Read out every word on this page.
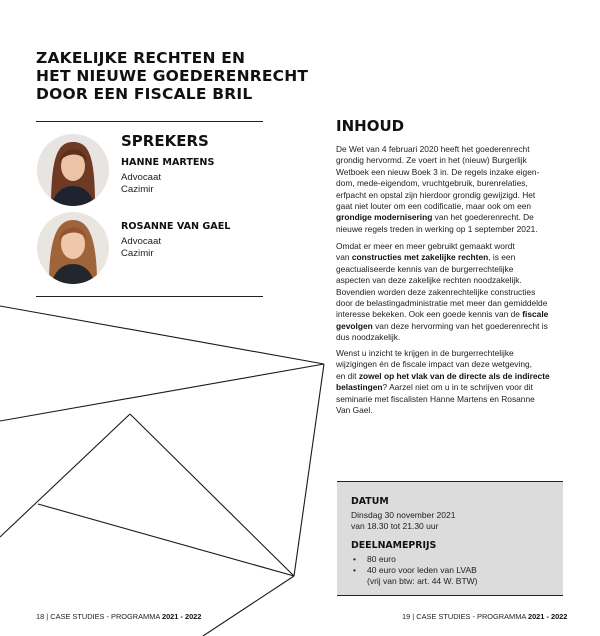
ZAKELIJKE RECHTEN EN
HET NIEUWE GOEDERENRECHT
DOOR EEN FISCALE BRIL
SPREKERS
HANNE MARTENS
Advocaat
Cazimir
ROSANNE VAN GAEL
Advocaat
Cazimir
INHOUD
De Wet van 4 februari 2020 heeft het goederenrecht
grondig hervormd. Ze voert in het (nieuw) Burgerlijk
Wetboek een nieuw Boek 3 in. De regels inzake eigen-
dom, mede-eigendom, vruchtgebruik, burenrelaties,
erfpacht en opstal zijn hierdoor grondig gewijzigd. Het
gaat niet louter om een codificatie, maar ook om een
grondige modernisering van het goederenrecht. De
nieuwe regels treden in werking op 1 september 2021.
Omdat er meer en meer gebruikt gemaakt wordt
van constructies met zakelijke rechten, is een
geactualiseerde kennis van de burgerrechtelijke
aspecten van deze zakelijke rechten noodzakelijk.
Bovendien worden deze zakenrechtelijke constructies
door de belastingadministratie met meer dan gemiddelde
interesse bekeken. Ook een goede kennis van de fiscale
gevolgen van deze hervorming van het goederenrecht is
dus noodzakelijk.
Wenst u inzicht te krijgen in de burgerrechtelijke
wijzigingen én de fiscale impact van deze wetgeving,
en dit zowel op het vlak van de directe als de indirecte
belastingen? Aarzel niet om u in te schrijven voor dit
seminarie met fiscalisten Hanne Martens en Rosanne
Van Gael.
DATUM
Dinsdag 30 november 2021
van 18.30 tot 21.30 uur
DEELNAMEPRIJS
• 80 euro
• 40 euro voor leden van LVAB
(vrij van btw: art. 44 W. BTW)
18 | CASE STUDIES - PROGRAMMA 2021 - 2022	19 | CASE STUDIES - PROGRAMMA 2021 - 2022
